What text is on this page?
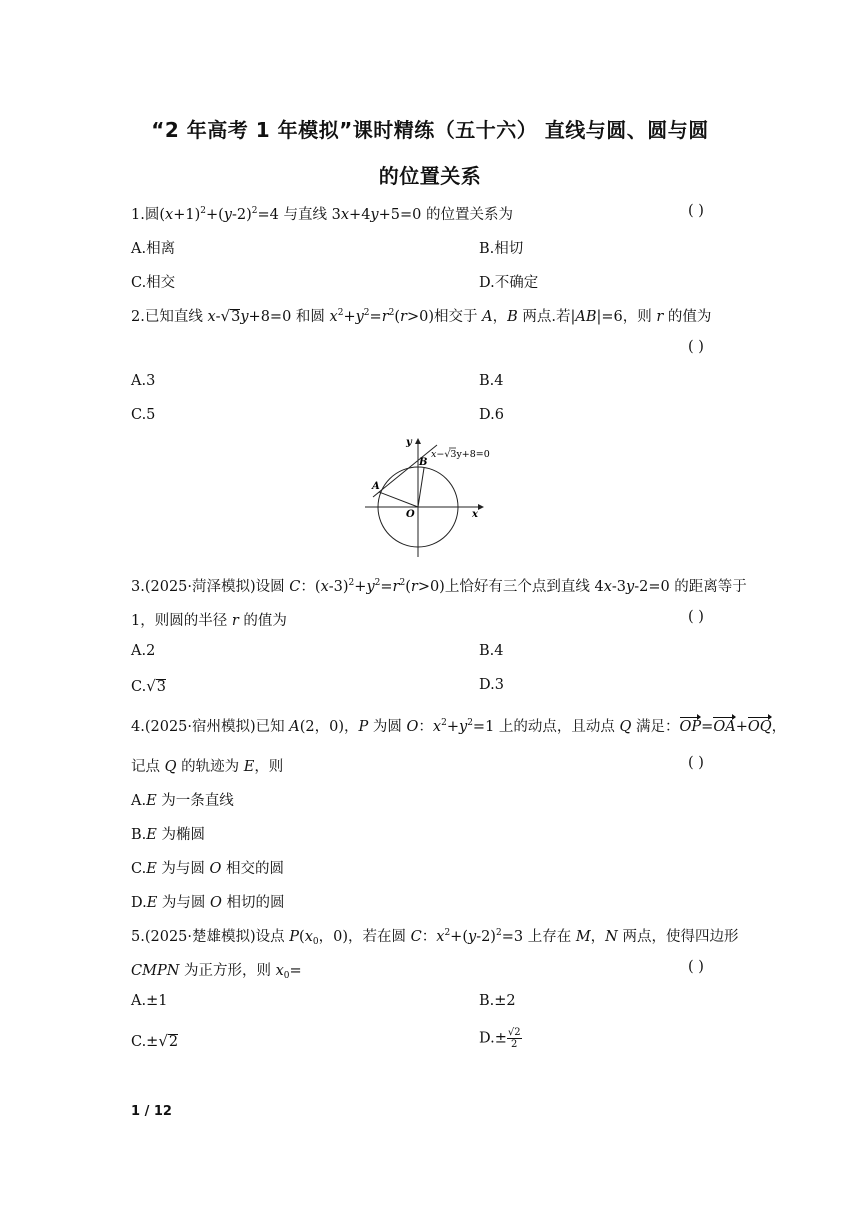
“2 年高考 1 年模拟”课时精练（五十六） 直线与圆、圆与圆
的位置关系
1.圆$(x+1)^2+(y-2)^2=4$ 与直线 3x+4y+5=0 的位置关系为	( )
A.相离	B.相切
C.相交	D.不确定
2.已知直线 x-√3y+8=0 和圆 $x^2+y^2=r^2(r>0)$相交于 A，B 两点.若|AB|=6，则 r 的值为
( )
A.3	B.4
C.5	D.6
y
x
O
A
B
x−√3y+8=0
3.(2025·菏泽模拟)设圆 C：$(x-3)^2+y^2=r^2(r>0)$上恰好有三个点到直线 4x-3y-2=0 的距离等于
1，则圆的半径 r 的值为	( )
A.2	B.4
C.√3	D.3
4.(2025·宿州模拟)已知 A(2，0)，P 为圆 O：$x^2+y^2=1$ 上的动点，且动点 Q 满足：OP=OA+OQ，
记点 Q 的轨迹为 E，则	( )
A.E 为一条直线
B.E 为椭圆
C.E 为与圆 O 相交的圆
D.E 为与圆 O 相切的圆
5.(2025·楚雄模拟)设点 $P(x_0$，0)，若在圆 C：$x^2+(y-2)^2=3$ 上存在 M，N 两点，使得四边形
CMPN 为正方形，则 $x_0=$	( )
A.±1	B.±2
C.±√2	$D.\pm \frac{√2}{2}$
1 / 12
